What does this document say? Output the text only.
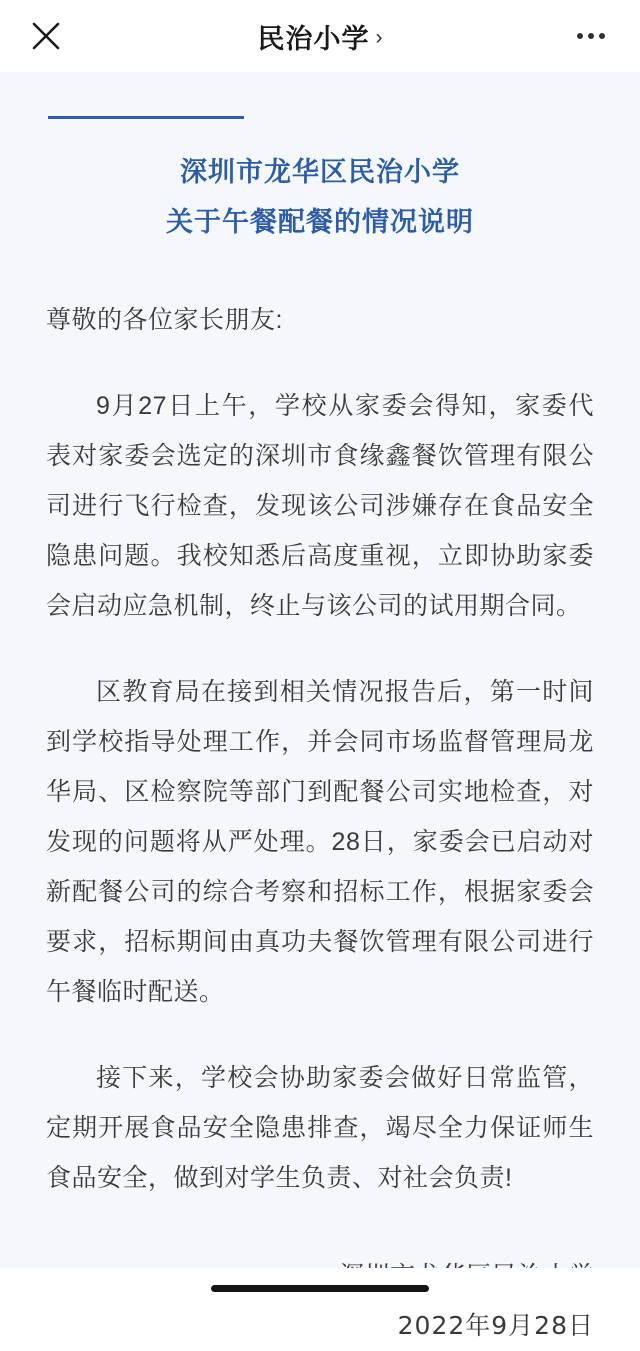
民治小学 ›
深圳市龙华区民治小学
关于午餐配餐的情况说明
尊敬的各位家长朋友:

9月27日上午，学校从家委会得知，家委代表对家委会选定的深圳市食缘鑫餐饮管理有限公司进行飞行检查，发现该公司涉嫌存在食品安全隐患问题。我校知悉后高度重视，立即协助家委会启动应急机制，终止与该公司的试用期合同。

区教育局在接到相关情况报告后，第一时间到学校指导处理工作，并会同市场监督管理局龙华局、区检察院等部门到配餐公司实地检查，对发现的问题将从严处理。28日，家委会已启动对新配餐公司的综合考察和招标工作，根据家委会要求，招标期间由真功夫餐饮管理有限公司进行午餐临时配送。

接下来，学校会协助家委会做好日常监管，定期开展食品安全隐患排查，竭尽全力保证师生食品安全，做到对学生负责、对社会负责!

2022年9月28日
